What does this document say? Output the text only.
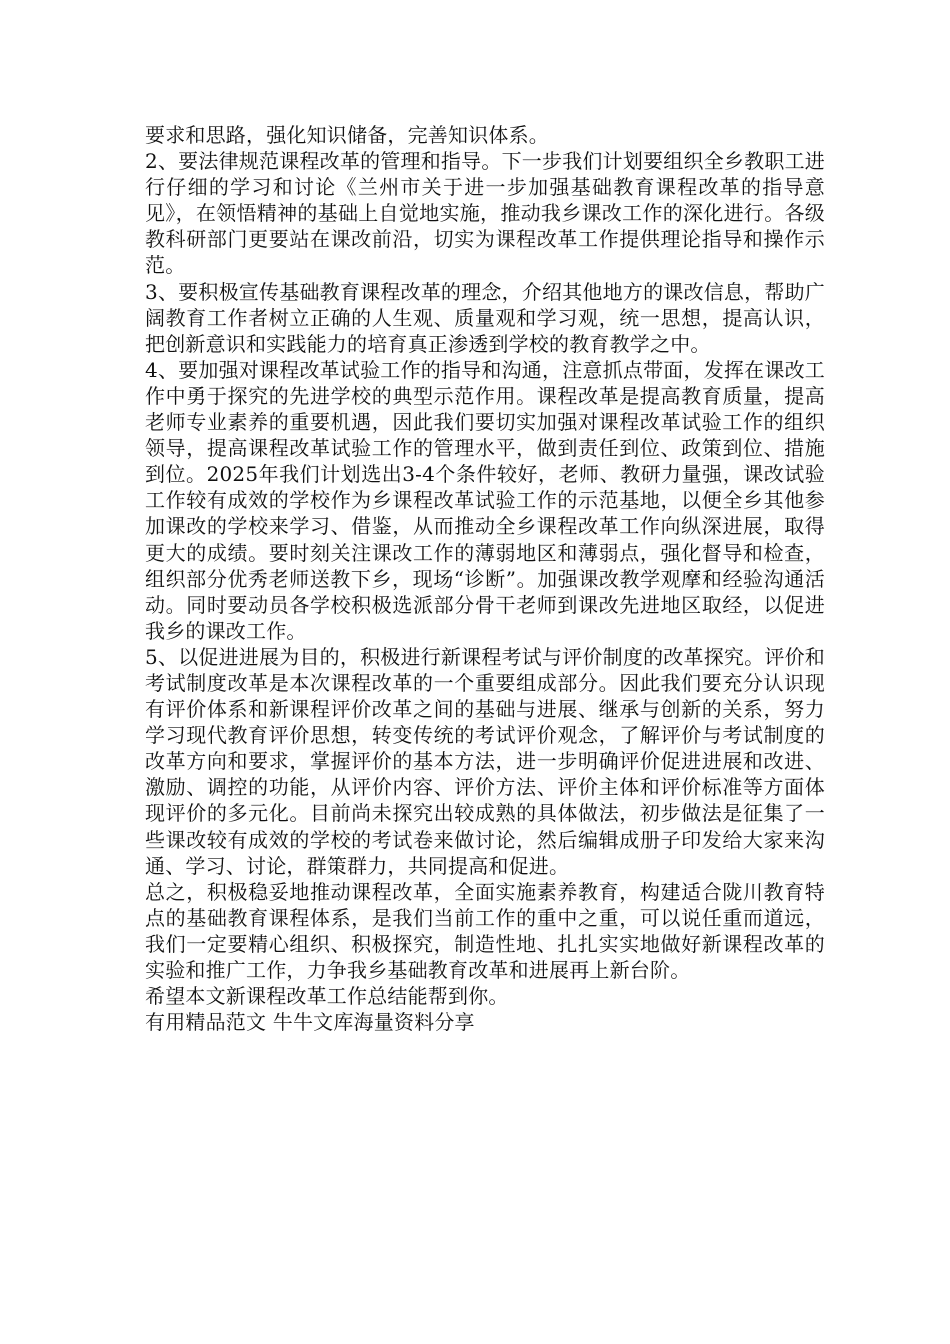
要求和思路，强化知识储备，完善知识体系。

2、要法律规范课程改革的管理和指导。下一步我们计划要组织全乡教职工进行仔细的学习和讨论《兰州市关于进一步加强基础教育课程改革的指导意见》，在领悟精神的基础上自觉地实施，推动我乡课改工作的深化进行。各级教科研部门更要站在课改前沿，切实为课程改革工作提供理论指导和操作示范。

3、要积极宣传基础教育课程改革的理念，介绍其他地方的课改信息，帮助广阔教育工作者树立正确的人生观、质量观和学习观，统一思想，提高认识，把创新意识和实践能力的培育真正渗透到学校的教育教学之中。

4、要加强对课程改革试验工作的指导和沟通，注意抓点带面，发挥在课改工作中勇于探究的先进学校的典型示范作用。课程改革是提高教育质量，提高老师专业素养的重要机遇，因此我们要切实加强对课程改革试验工作的组织领导，提高课程改革试验工作的管理水平，做到责任到位、政策到位、措施到位。2025年我们计划选出3-4个条件较好，老师、教研力量强，课改试验工作较有成效的学校作为乡课程改革试验工作的示范基地，以便全乡其他参加课改的学校来学习、借鉴，从而推动全乡课程改革工作向纵深进展，取得更大的成绩。要时刻关注课改工作的薄弱地区和薄弱点，强化督导和检查，组织部分优秀老师送教下乡，现场“诊断”。加强课改教学观摩和经验沟通活动。同时要动员各学校积极选派部分骨干老师到课改先进地区取经，以促进我乡的课改工作。

5、以促进进展为目的，积极进行新课程考试与评价制度的改革探究。评价和考试制度改革是本次课程改革的一个重要组成部分。因此我们要充分认识现有评价体系和新课程评价改革之间的基础与进展、继承与创新的关系，努力学习现代教育评价思想，转变传统的考试评价观念，了解评价与考试制度的改革方向和要求，掌握评价的基本方法，进一步明确评价促进进展和改进、激励、调控的功能，从评价内容、评价方法、评价主体和评价标准等方面体现评价的多元化。目前尚未探究出较成熟的具体做法，初步做法是征集了一些课改较有成效的学校的考试卷来做讨论，然后编辑成册子印发给大家来沟通、学习、讨论，群策群力，共同提高和促进。

总之，积极稳妥地推动课程改革，全面实施素养教育，构建适合陇川教育特点的基础教育课程体系，是我们当前工作的重中之重，可以说任重而道远，我们一定要精心组织、积极探究，制造性地、扎扎实实地做好新课程改革的实验和推广工作，力争我乡基础教育改革和进展再上新台阶。

希望本文新课程改革工作总结能帮到你。

有用精品范文 牛牛文库海量资料分享
